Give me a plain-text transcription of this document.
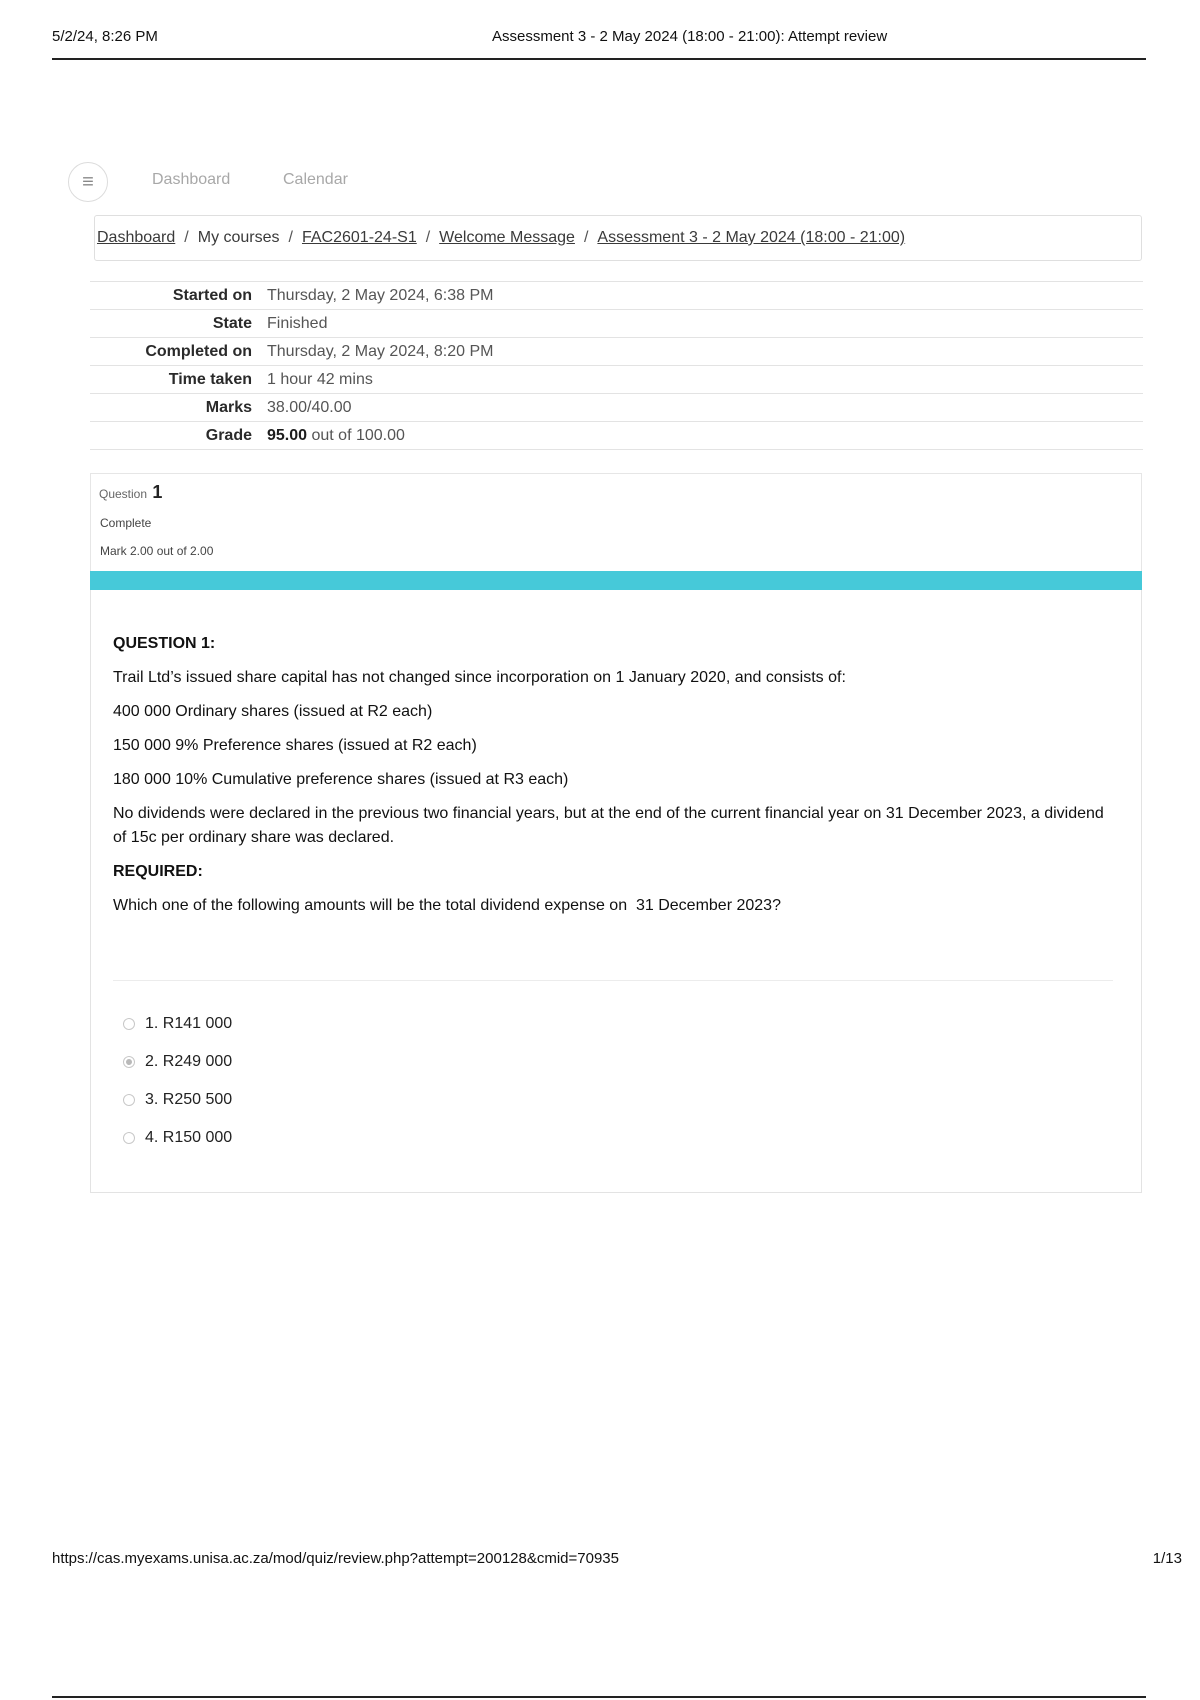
5/2/24, 8:26 PM	Assessment 3 - 2 May 2024 (18:00 - 21:00): Attempt review
≡	Dashboard	Calendar
Dashboard / My courses / FAC2601-24-S1 / Welcome Message / Assessment 3 - 2 May 2024 (18:00 - 21:00)
Started on	Thursday, 2 May 2024, 6:38 PM
State	Finished
Completed on	Thursday, 2 May 2024, 8:20 PM
Time taken	1 hour 42 mins
Marks	38.00/40.00
Grade	95.00 out of 100.00
Question 1
Complete
Mark 2.00 out of 2.00

QUESTION 1:

Trail Ltd’s issued share capital has not changed since incorporation on 1 January 2020, and consists of:

400 000 Ordinary shares (issued at R2 each)

150 000 9% Preference shares (issued at R2 each)

180 000 10% Cumulative preference shares (issued at R3 each)

No dividends were declared in the previous two financial years, but at the end of the current financial year on 31 December 2023, a dividend of 15c per ordinary share was declared.

REQUIRED:

Which one of the following amounts will be the total dividend expense on  31 December 2023?

1. R141 000
2. R249 000
3. R250 500
4. R150 000
https://cas.myexams.unisa.ac.za/mod/quiz/review.php?attempt=200128&cmid=70935	1/13
